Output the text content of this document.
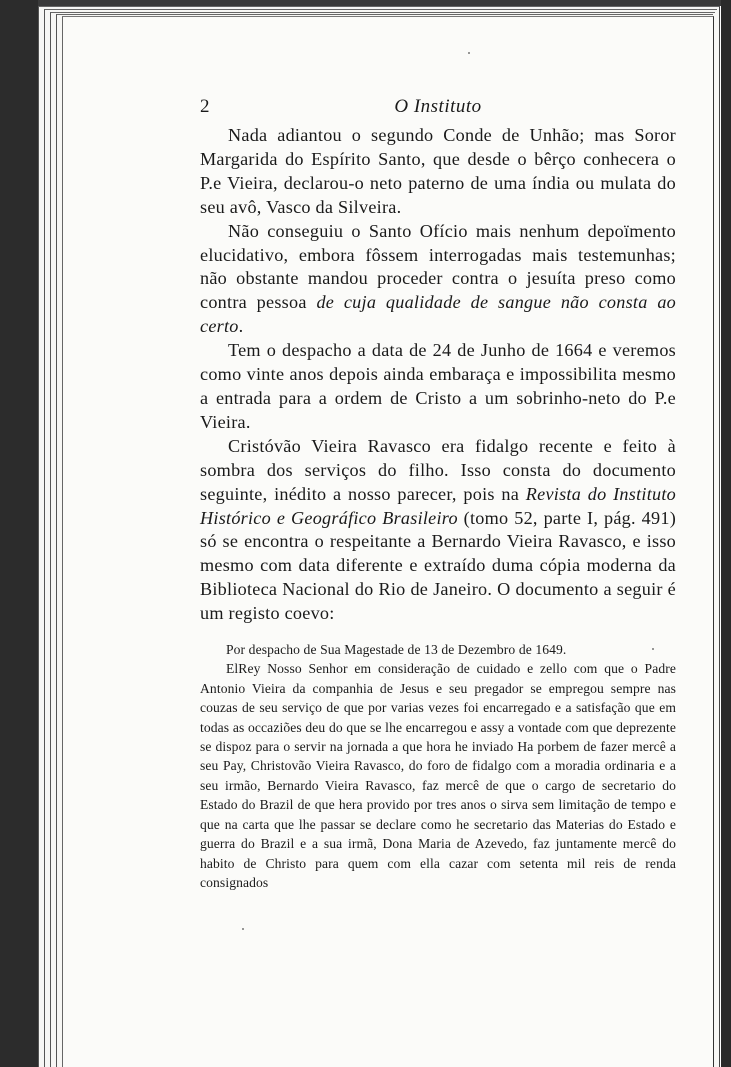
2	O Instituto

Nada adiantou o segundo Conde de Unhão; mas Soror Margarida do Espírito Santo, que desde o bêrço conhecera o P.e Vieira, declarou-o neto paterno de uma índia ou mulata do seu avô, Vasco da Silveira.

Não conseguiu o Santo Ofício mais nenhum depoïmento elucidativo, embora fôssem interrogadas mais testemunhas; não obstante mandou proceder contra o jesuíta preso como contra pessoa de cuja qualidade de sangue não consta ao certo.

Tem o despacho a data de 24 de Junho de 1664 e veremos como vinte anos depois ainda embaraça e impossibilita mesmo a entrada para a ordem de Cristo a um sobrinho-neto do P.e Vieira.

Cristóvão Vieira Ravasco era fidalgo recente e feito à sombra dos serviços do filho. Isso consta do documento seguinte, inédito a nosso parecer, pois na Revista do Instituto Histórico e Geográfico Brasileiro (tomo 52, parte I, pág. 491) só se encontra o respeitante a Bernardo Vieira Ravasco, e isso mesmo com data diferente e extraído duma cópia moderna da Biblioteca Nacional do Rio de Janeiro. O documento a seguir é um registo coevo:

Por despacho de Sua Magestade de 13 de Dezembro de 1649.

ElRey Nosso Senhor em consideração de cuidado e zello com que o Padre Antonio Vieira da companhia de Jesus e seu pregador se empregou sempre nas couzas de seu serviço de que por varias vezes foi encarregado e a satisfação que em todas as occaziões deu do que se lhe encarregou e assy a vontade com que deprezente se dispoz para o servir na jornada a que hora he inviado Ha porbem de fazer mercê a seu Pay, Christovão Vieira Ravasco, do foro de fidalgo com a moradia ordinaria e a seu irmão, Bernardo Vieira Ravasco, faz mercê de que o cargo de secretario do Estado do Brazil de que hera provido por tres anos o sirva sem limitação de tempo e que na carta que lhe passar se declare como he secretario das Materias do Estado e guerra do Brazil e a sua irmã, Dona Maria de Azevedo, faz juntamente mercê do habito de Christo para quem com ella cazar com setenta mil reis de renda consignados
